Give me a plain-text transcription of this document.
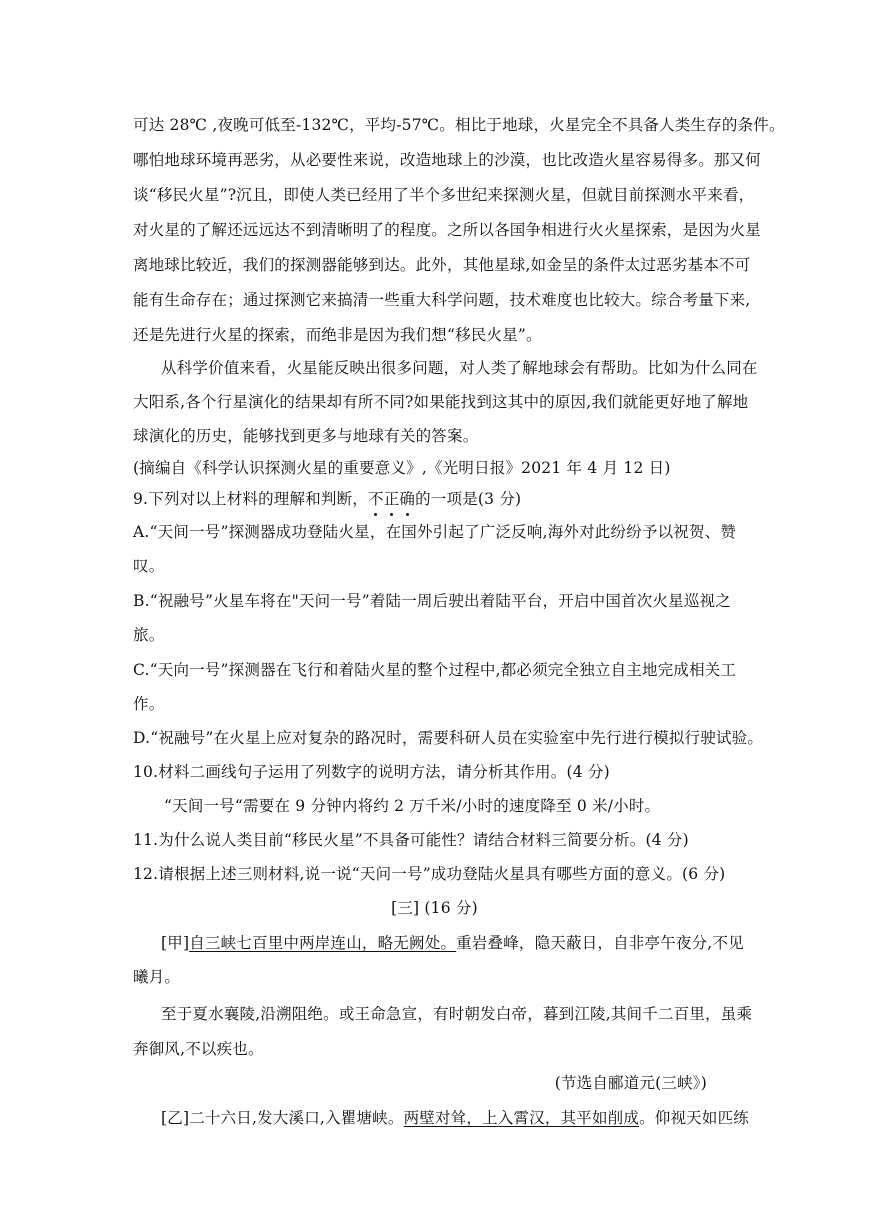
可达 28℃ ,夜晚可低至-132℃，平均-57℃。相比于地球，火星完全不具备人类生存的条件。
哪怕地球环境再恶劣，从必要性来说，改造地球上的沙漠，也比改造火星容易得多。那又何
谈“移民火星”?沉且，即使人类已经用了半个多世纪来探测火星，但就目前探测水平来看，
对火星的了解还远远达不到清晰明了的程度。之所以各国争相进行火火星探索，是因为火星
离地球比较近，我们的探测器能够到达。此外，其他星球,如金呈的条件太过恶劣基本不可
能有生命存在；通过探测它来搞清一些重大科学问题，技术难度也比较大。综合考量下来,
还是先进行火星的探索，而绝非是因为我们想“移民火星”。
从科学价值来看，火星能反映出很多问题，对人类了解地球会有帮助。比如为什么同在
大阳系,各个行星演化的结果却有所不同?如果能找到这其中的原因,我们就能更好地了解地
球演化的历史，能够找到更多与地球有关的答案。
(摘编自《科学认识探测火星的重要意义》,《光明日报》2021 年 4 月 12 日)
9.下列对以上材料的理解和判断，不正确的一项是(3 分)
A.“天间一号”探测器成功登陆火星，在国外引起了广泛反响,海外对此纷纷予以祝贺、赞
叹。
B.“祝融号”火星车将在"天问一号”着陆一周后驶出着陆平台，开启中国首次火星巡视之
旅。
C.“天向一号”探测器在飞行和着陆火星的整个过程中,都必须完全独立自主地完成相关工
作。
D.“祝融号”在火星上应对复杂的路况时，需要科研人员在实验室中先行进行模拟行驶试验。
10.材料二画线句子运用了列数字的说明方法，请分析其作用。(4 分)
“天间一号“需要在 9 分钟内将约 2 万千米/小时的速度降至 0 米/小时。
11.为什么说人类目前“移民火星”不具备可能性？请结合材料三简要分析。(4 分)
12.请根据上述三则材料,说一说“天问一号”成功登陆火星具有哪些方面的意义。(6 分)
[三] (16 分)
[甲]自三峡七百里中两岸连山，略无阙处。重岩叠峰，隐天蔽日，自非亭午夜分,不见
曦月。
至于夏水襄陵,沿溯阻绝。或王命急宣，有时朝发白帝，暮到江陵,其间千二百里，虽乘
奔御风,不以疾也。
(节选自郦道元(三峡》)
[乙]二十六日,发大溪口,入瞿塘峡。两壁对耸，上入霄汉，其平如削成。仰视天如匹练
